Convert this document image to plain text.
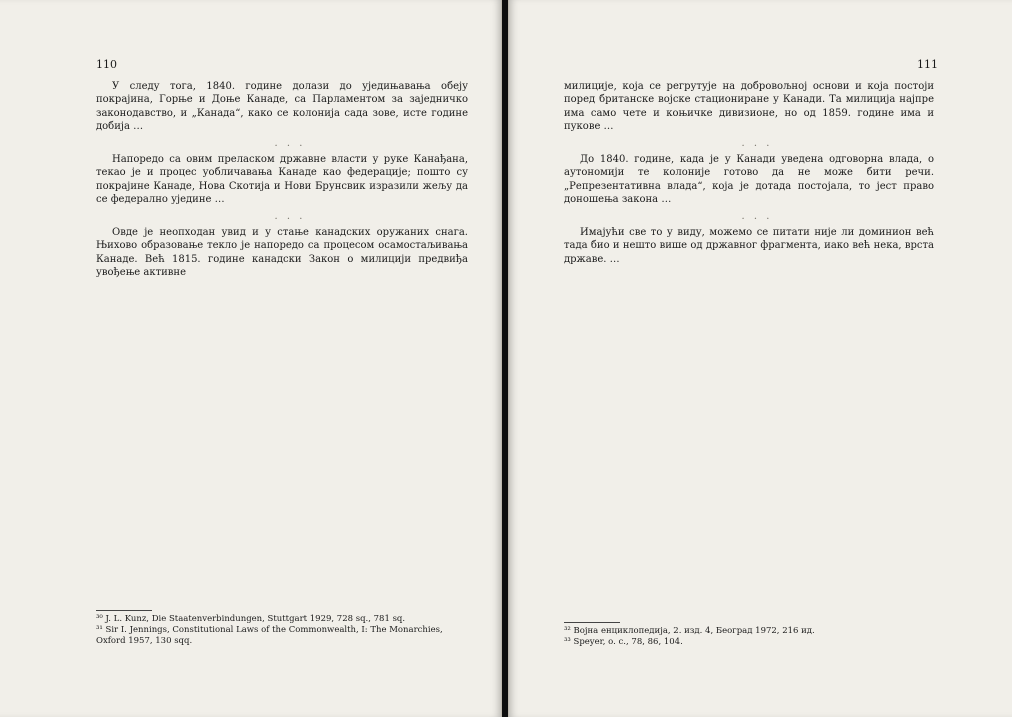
110

У следу тога, 1840. године долази до уједињавања обеју покрајина, Горње и Доње Канаде, са Парламентом за заједничко законодавство, и „Канада“, како се колонија сада зове, исте године добија …

· · ·

Напоредо са овим преласком државне власти у руке Канађана, текао је и процес уобличавања Канаде као федерације; пошто су покрајине Канаде, Нова Скотија и Нови Брунсвик изразили жељу да се федерално уједине …

· · ·

Овде је неопходан увид и у стање канадских оружаних снага. Њихово образовање текло је напоредо са процесом осамостаљивања Канаде. Већ 1815. године канадски Закон о милицији предвиђа увођење активне

³⁰ J. L. Kunz, Die Staatenverbindungen, Stuttgart 1929, 728 sq., 781 sq.

³¹ Sir I. Jennings, Constitutional Laws of the Commonwealth, I: The Monarchies, Oxford 1957, 130 sqq.

111

милиције, која се регрутује на добровољној основи и која постоји поред британске војске стациониране у Канади. Та милиција најпре има само чете и коњичке дивизионе, но од 1859. године има и пукове …

· · ·

До 1840. године, када је у Канади уведена одговорна влада, о аутономији те колоније готово да не може бити речи. „Репрезентативна влада“, која је дотада постојала, то јест право доношења закона …

· · ·

Имајући све то у виду, можемо се питати није ли доминион већ тада био и нешто више од државног фрагмента, иако већ нека, врста државе. …

³² Војна енциклопедија, 2. изд. 4, Београд 1972, 216 ид.

³³ Speyer, o. c., 78, 86, 104.
